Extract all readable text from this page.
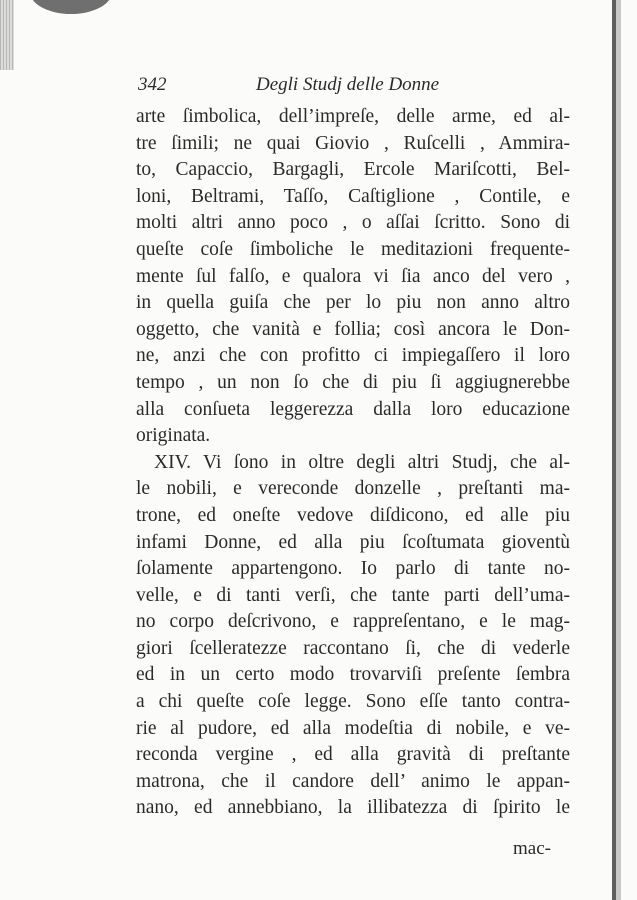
342	Degli Studj delle Donne
arte ſimbolica, dell’impreſe, delle arme, ed al-
tre ſimili; ne quai Giovio , Ruſcelli , Ammira-
to, Capaccio, Bargagli, Ercole Mariſcotti, Bel-
loni, Beltrami, Taſſo, Caſtiglione , Contile, e
molti altri anno poco , o aſſai ſcritto. Sono di
queſte coſe ſimboliche le meditazioni frequente-
mente ſul falſo, e qualora vi ſia anco del vero ,
in quella guiſa che per lo piu non anno altro
oggetto, che vanità e follia; così ancora le Don-
ne, anzi che con profitto ci impiegaſſero il loro
tempo , un non ſo che di piu ſi aggiugnerebbe
alla conſueta leggerezza dalla loro educazione
originata.
XIV. Vi ſono in oltre degli altri Studj, che al-
le nobili, e vereconde donzelle , preſtanti ma-
trone, ed oneſte vedove diſdicono, ed alle piu
infami Donne, ed alla piu ſcoſtumata gioventù
ſolamente appartengono. Io parlo di tante no-
velle, e di tanti verſi, che tante parti dell’uma-
no corpo deſcrivono, e rappreſentano, e le mag-
giori ſcelleratezze raccontano ſi, che di vederle
ed in un certo modo trovarviſi preſente ſembra
a chi queſte coſe legge. Sono eſſe tanto contra-
rie al pudore, ed alla modeſtia di nobile, e ve-
reconda vergine , ed alla gravità di preſtante
matrona, che il candore dell’ animo le appan-
nano, ed annebbiano, la illibatezza di ſpirito le
mac-
